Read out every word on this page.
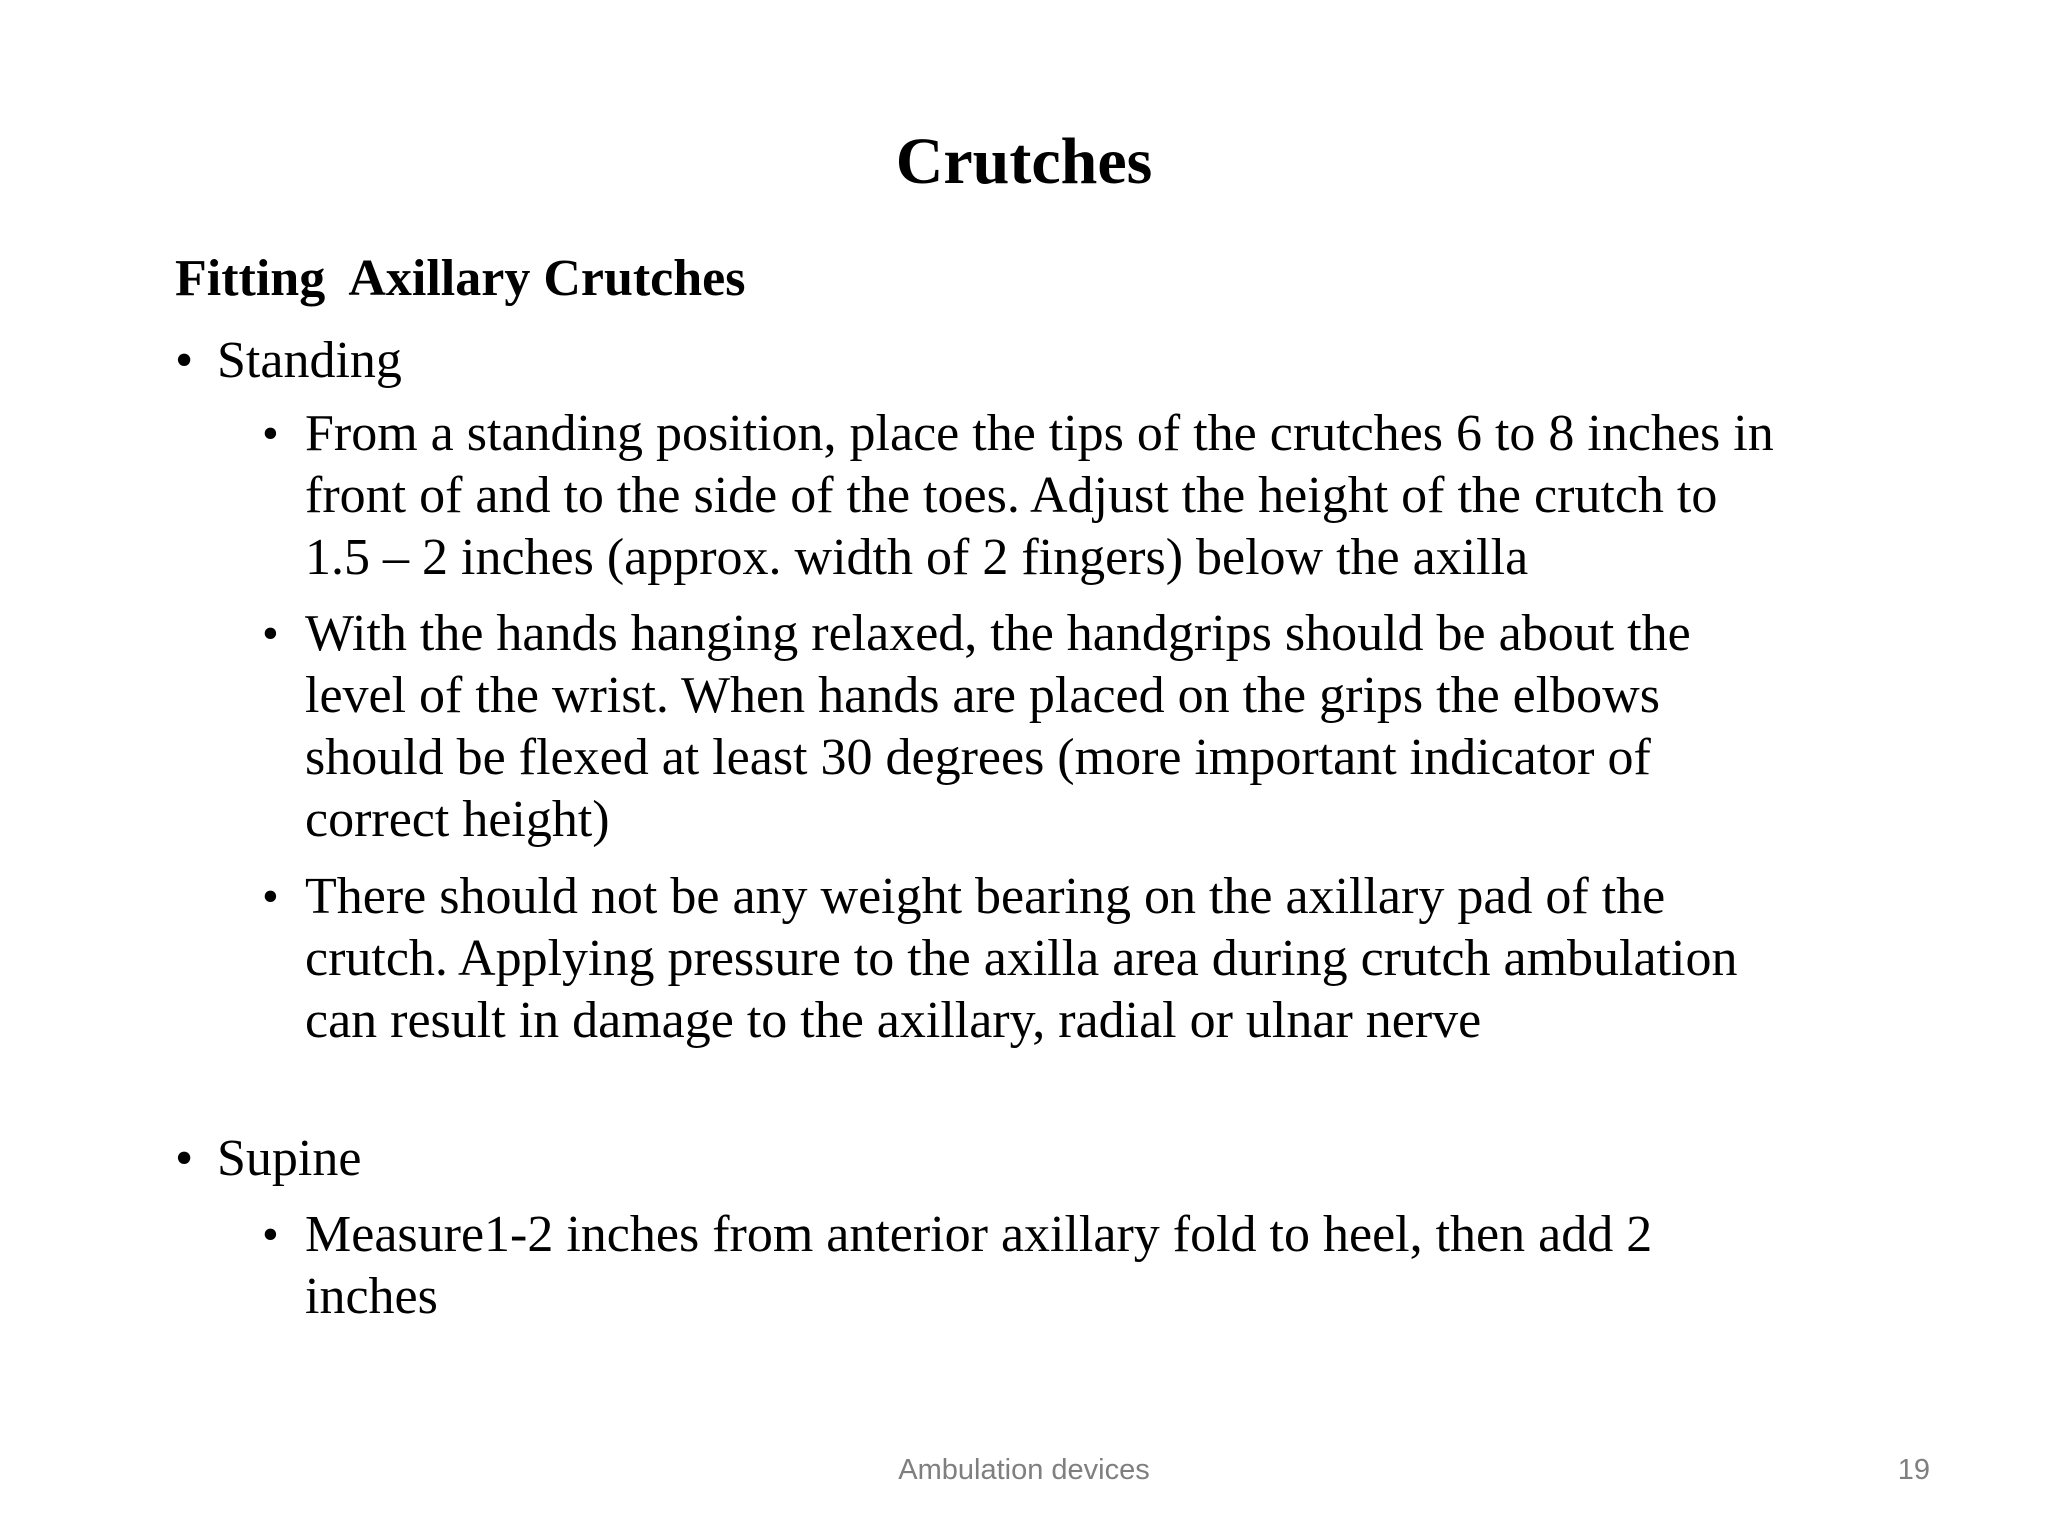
Crutches
Fitting  Axillary Crutches
• Standing
• From a standing position, place the tips of the crutches 6 to 8 inches in
front of and to the side of the toes. Adjust the height of the crutch to
1.5 – 2 inches (approx. width of 2 fingers) below the axilla
• With the hands hanging relaxed, the handgrips should be about the
level of the wrist. When hands are placed on the grips the elbows
should be flexed at least 30 degrees (more important indicator of
correct height)
• There should not be any weight bearing on the axillary pad of the
crutch. Applying pressure to the axilla area during crutch ambulation
can result in damage to the axillary, radial or ulnar nerve
• Supine
• Measure1-2 inches from anterior axillary fold to heel, then add 2
inches
Ambulation devices	19
